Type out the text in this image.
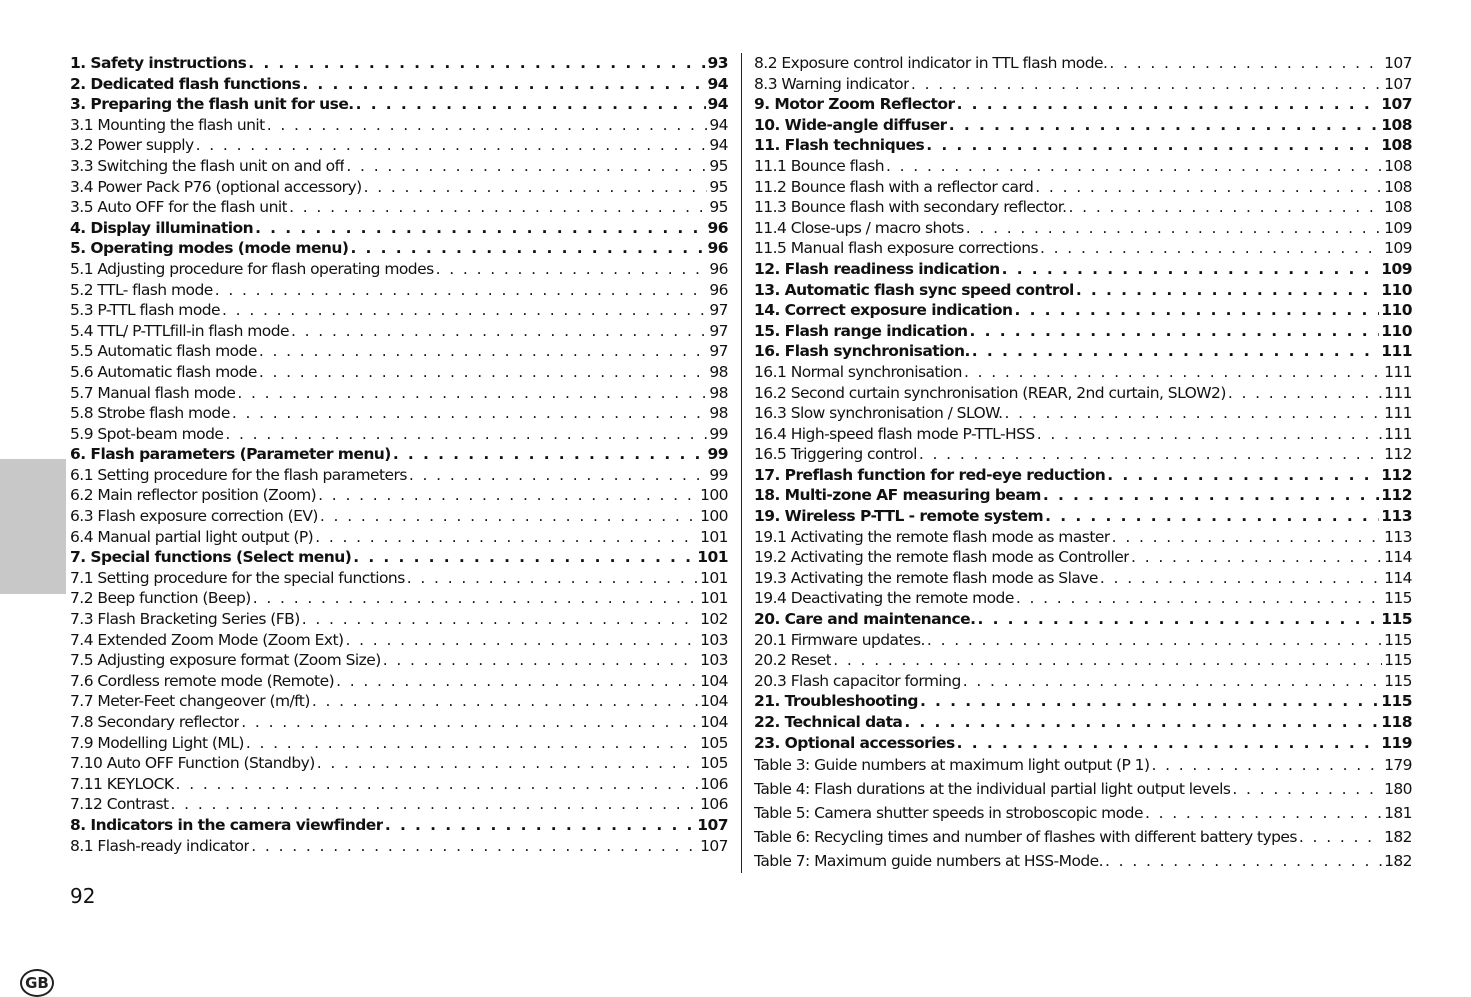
GB
1. Safety instructions . . .	93
2. Dedicated flash functions . . .	94
3. Preparing the flash unit for use. . . .	94
3.1 Mounting the flash unit . . .	94
3.2 Power supply . . .	94
3.3 Switching the flash unit on and off . . .	95
3.4 Power Pack P76 (optional accessory) . . .	95
3.5 Auto OFF for the flash unit . . .	95
4. Display illumination . . .	96
5. Operating modes (mode menu) . . .	96
5.1 Adjusting procedure for flash operating modes . . .	96
5.2 TTL- flash mode . . .	96
5.3 P-TTL flash mode . . .	97
5.4 TTL/ P-TTLfill-in flash mode . . .	97
5.5 Automatic flash mode . . .	97
5.6 Automatic flash mode . . .	98
5.7 Manual flash mode . . .	98
5.8 Strobe flash mode . . .	98
5.9 Spot-beam mode . . .	99
6. Flash parameters (Parameter menu) . . .	99
6.1 Setting procedure for the flash parameters . . .	99
6.2 Main reflector position (Zoom) . . .	100
6.3 Flash exposure correction (EV) . . .	100
6.4 Manual partial light output (P) . . .	101
7. Special functions (Select menu) . . .	101
7.1 Setting procedure for the special functions . . .	101
7.2 Beep function (Beep) . . .	101
7.3 Flash Bracketing Series (FB) . . .	102
7.4 Extended Zoom Mode (Zoom Ext) . . .	103
7.5 Adjusting exposure format (Zoom Size) . . .	103
7.6 Cordless remote mode (Remote) . . .	104
7.7 Meter-Feet changeover (m/ft) . . .	104
7.8 Secondary reflector . . .	104
7.9 Modelling Light (ML) . . .	105
7.10 Auto OFF Function (Standby) . . .	105
7.11 KEYLOCK . . .	106
7.12 Contrast . . .	106
8. Indicators in the camera viewfinder . . .	107
8.1 Flash-ready indicator . . .	107
8.2 Exposure control indicator in TTL flash mode. . . .	107
8.3 Warning indicator . . .	107
9. Motor Zoom Reflector . . .	107
10. Wide-angle diffuser . . .	108
11. Flash techniques . . .	108
11.1 Bounce flash . . .	108
11.2 Bounce flash with a reflector card . . .	108
11.3 Bounce flash with secondary reflector. . . .	108
11.4 Close-ups / macro shots . . .	109
11.5 Manual flash exposure corrections . . .	109
12. Flash readiness indication . . .	109
13. Automatic flash sync speed control . . .	110
14. Correct exposure indication . . .	110
15. Flash range indication . . .	110
16. Flash synchronisation. . . .	111
16.1 Normal synchronisation . . .	111
16.2 Second curtain synchronisation (REAR, 2nd curtain, SLOW2) . . .	111
16.3 Slow synchronisation / SLOW. . . .	111
16.4 High-speed flash mode P-TTL-HSS . . .	111
16.5 Triggering control . . .	112
17. Preflash function for red-eye reduction . . .	112
18. Multi-zone AF measuring beam . . .	112
19. Wireless P-TTL - remote system . . .	113
19.1 Activating the remote flash mode as master . . .	113
19.2 Activating the remote flash mode as Controller . . .	114
19.3 Activating the remote flash mode as Slave . . .	114
19.4 Deactivating the remote mode . . .	115
20. Care and maintenance. . . .	115
20.1 Firmware updates. . . .	115
20.2 Reset . . .	115
20.3 Flash capacitor forming . . .	115
21. Troubleshooting . . .	115
22. Technical data . . .	118
23. Optional accessories . . .	119
Table 3: Guide numbers at maximum light output (P 1) . . .	179
Table 4: Flash durations at the individual partial light output levels . . .	180
Table 5: Camera shutter speeds in stroboscopic mode . . .	181
Table 6: Recycling times and number of flashes with different battery types . . .	182
Table 7: Maximum guide numbers at HSS-Mode. . . .	182
92
